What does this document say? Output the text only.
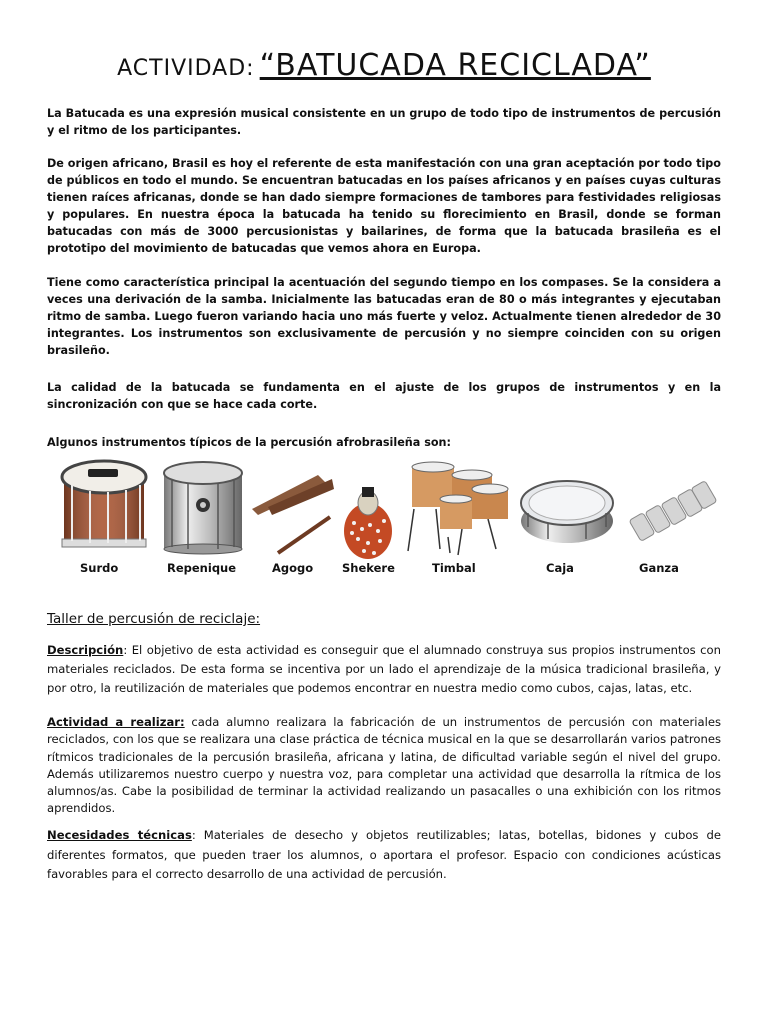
ACTIVIDAD: “BATUCADA RECICLADA”

La Batucada es una expresión musical consistente en un grupo de todo tipo de instrumentos de percusión y el ritmo de los participantes.

De origen africano, Brasil es hoy el referente de esta manifestación con una gran aceptación por todo tipo de públicos en todo el mundo. Se encuentran batucadas en los países africanos y en países cuyas culturas tienen raíces africanas, donde se han dado siempre formaciones de tambores para festividades religiosas y populares. En nuestra época la batucada ha tenido su florecimiento en Brasil, donde se forman batucadas con más de 3000 percusionistas y bailarines, de forma que la batucada brasileña es el prototipo del movimiento de batucadas que vemos ahora en Europa.

Tiene como característica principal la acentuación del segundo tiempo en los compases. Se la considera a veces una derivación de la samba. Inicialmente las batucadas eran de 80 o más integrantes y ejecutaban ritmo de samba. Luego fueron variando hacia uno más fuerte y veloz. Actualmente tienen alrededor de 30 integrantes. Los instrumentos son exclusivamente de percusión y no siempre coinciden con su origen brasileño.

La calidad de la batucada se fundamenta en el ajuste de los grupos de instrumentos y en la sincronización con que se hace cada corte.

Algunos instrumentos típicos de la percusión afrobrasileña son:

Surdo	Repenique	Agogo	Shekere	Timbal	Caja	Ganza
Taller de percusión de reciclaje:

Descripción: El objetivo de esta actividad es conseguir que el alumnado construya sus propios instrumentos con materiales reciclados. De esta forma se incentiva por un lado el aprendizaje de la música tradicional brasileña, y por otro, la reutilización de materiales que podemos encontrar en nuestra medio como cubos, cajas, latas, etc.

Actividad a realizar: cada alumno realizara la fabricación de un instrumentos de percusión con materiales reciclados, con los que se realizara una clase práctica de técnica musical en la que se desarrollarán varios patrones rítmicos tradicionales de la percusión brasileña, africana y latina, de dificultad variable según el nivel del grupo. Además utilizaremos nuestro cuerpo y nuestra voz, para completar una actividad que desarrolla la rítmica de los alumnos/as. Cabe la posibilidad de terminar la actividad realizando un pasacalles o una exhibición con los ritmos aprendidos.

Necesidades técnicas: Materiales de desecho y objetos reutilizables; latas, botellas, bidones y cubos de diferentes formatos, que pueden traer los alumnos, o aportara el profesor. Espacio con condiciones acústicas favorables para el correcto desarrollo de una actividad de percusión.
